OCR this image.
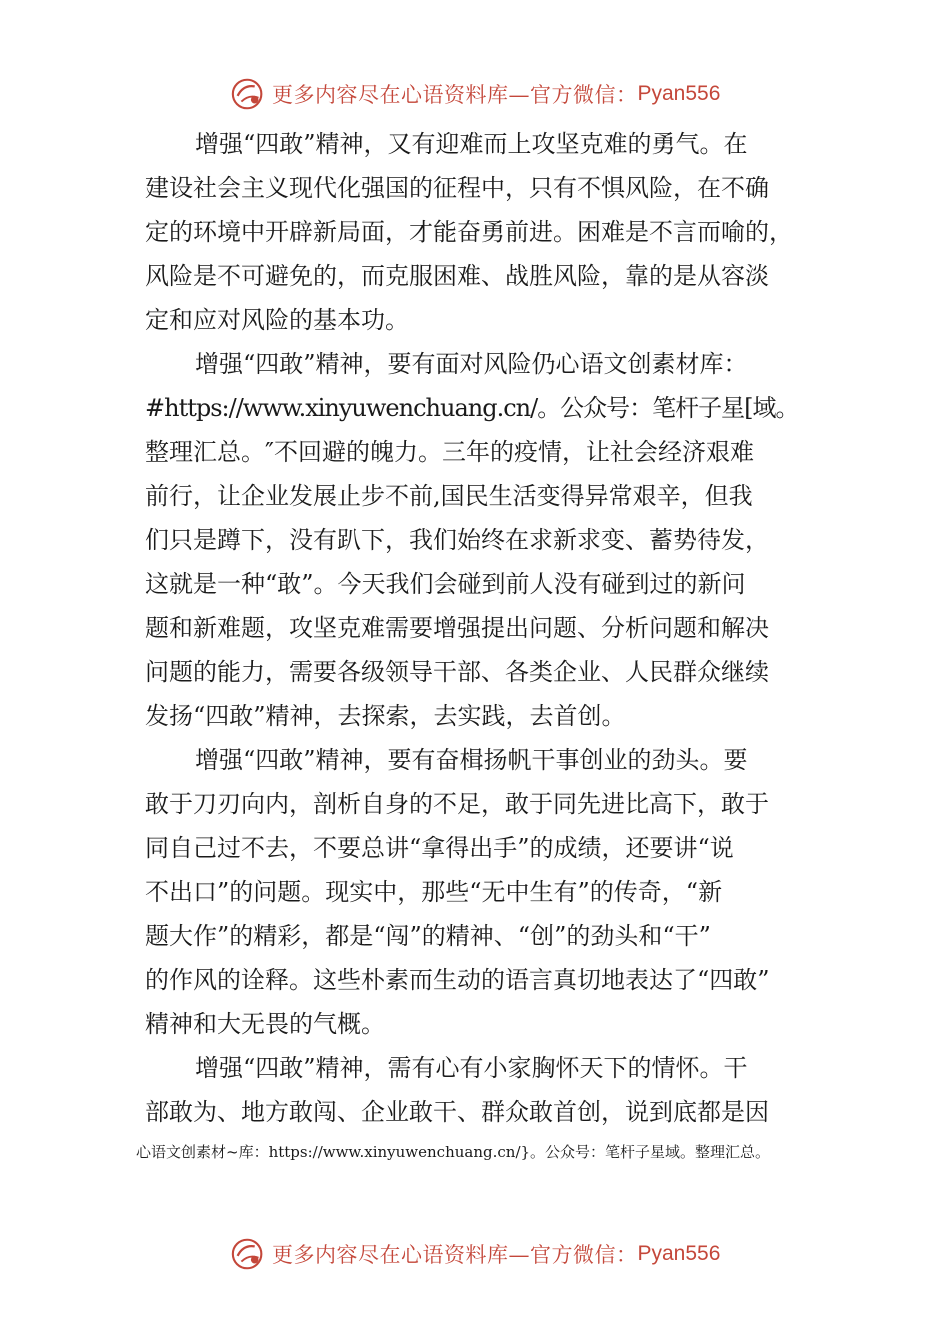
更多内容尽在心语资料库—官方微信： Pyan556
增强“四敢”精神，又有迎难而上攻坚克难的勇气。在
建设社会主义现代化强国的征程中，只有不惧风险，在不确
定的环境中开辟新局面，才能奋勇前进。困难是不言而喻的，
风险是不可避免的，而克服困难、战胜风险，靠的是从容淡
定和应对风险的基本功。
增强“四敢”精神，要有面对风险仍心语文创素材库：
#https://www.xinyuwenchuang.cn/。公众号：笔杆子星[域。
整理汇总。″不回避的魄力。三年的疫情，让社会经济艰难
前行，让企业发展止步不前,国民生活变得异常艰辛，但我
们只是蹲下，没有趴下，我们始终在求新求变、蓄势待发，
这就是一种“敢”。今天我们会碰到前人没有碰到过的新问
题和新难题，攻坚克难需要增强提出问题、分析问题和解决
问题的能力，需要各级领导干部、各类企业、人民群众继续
发扬“四敢”精神，去探索，去实践，去首创。
增强“四敢”精神，要有奋楫扬帆干事创业的劲头。要
敢于刀刃向内，剖析自身的不足，敢于同先进比高下，敢于
同自己过不去，不要总讲“拿得出手”的成绩，还要讲“说
不出口”的问题。现实中，那些“无中生有”的传奇，“新
题大作”的精彩，都是“闯”的精神、“创”的劲头和“干”
的作风的诠释。这些朴素而生动的语言真切地表达了“四敢”
精神和大无畏的气概。
增强“四敢”精神，需有心有小家胸怀天下的情怀。干
部敢为、地方敢闯、企业敢干、群众敢首创，说到底都是因
心语文创素材~库：https://www.xinyuwenchuang.cn/}。公众号：笔杆子星域。整理汇总。
更多内容尽在心语资料库—官方微信： Pyan556
